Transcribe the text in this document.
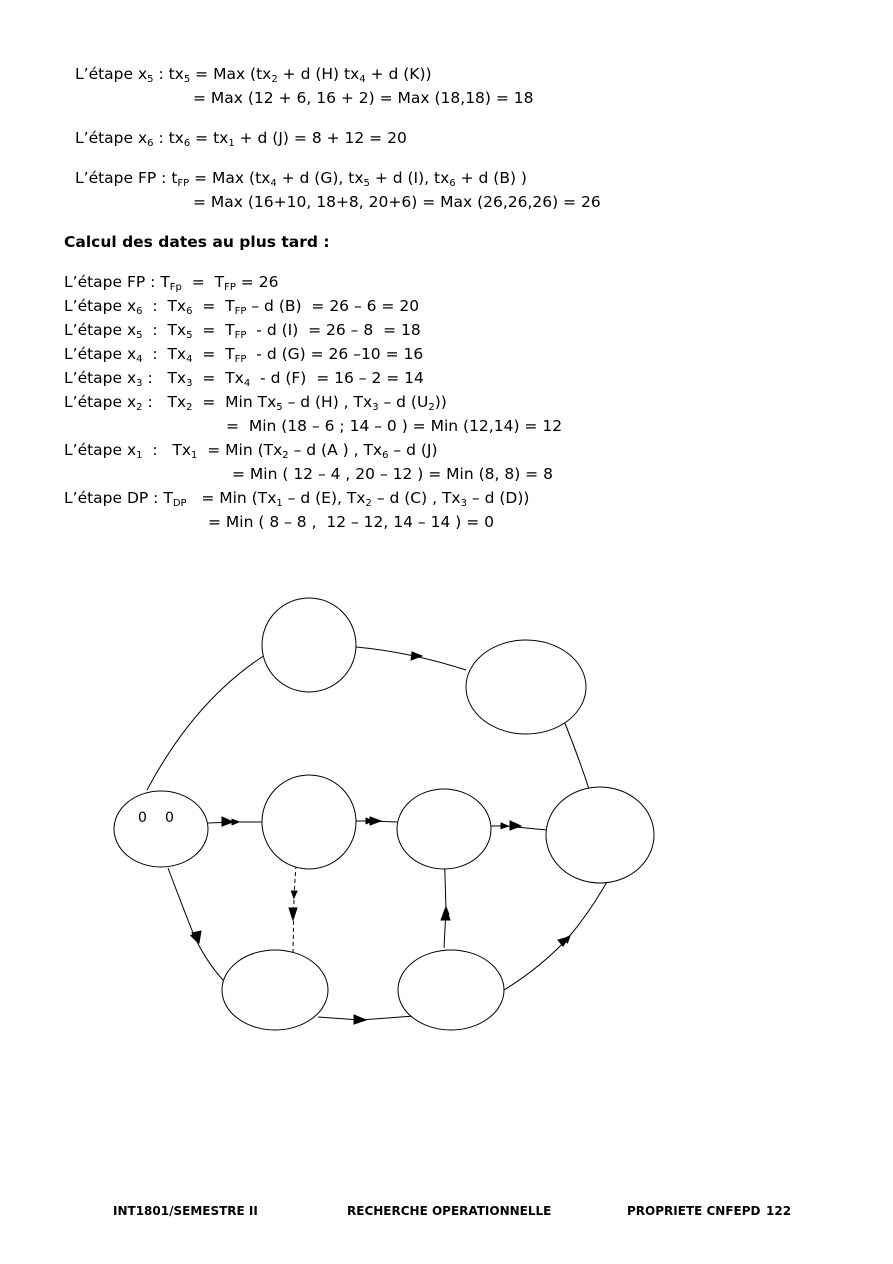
L’étape $x_5$ : $tx_5$ = Max ($tx_2 + d$ (H) $tx_4 + d$ (K))
= Max (12 + 6, 16 + 2) = Max (18,18) = 18
L’étape $x_6$ : $tx_6 = tx_1 + d$ (J) = 8 + 12 = 20
L’étape FP : $t_{FP}$ = Max ($tx_4 + d$ (G), $tx_5 + d$ (I), $tx_6 + d$ (B) )
= Max (16+10, 18+8, 20+6) = Max (26,26,26) = 26
Calcul des dates au plus tard :
L’étape FP : $T_{Fp} = T_{FP} = 26$
L’étape $x_6$  :  $Tx_6 = T_{FP} - d$ (B)  = 26 – 6 = 20
L’étape $x_5$  :  $Tx_5 = T_{FP} - d$ (I)  = 26 – 8  = 18
L’étape $x_4$  :  $Tx_4 = T_{FP} - d$ (G) = 26 –10 = 16
L’étape $x_3$ :   $Tx_3 = Tx_4 - d$ (F)  = 16 – 2 = 14
L’étape $x_2$ :   $Tx_2$  =  Min $Tx_5$ – d (H) , $Tx_3$ – d $(U_2)$)
=  Min (18 – 6 ; 14 – 0 ) = Min (12,14) = 12
L’étape $x_1$  :   $Tx_1$  = Min ($Tx_2$ – d (A ) , $Tx_6$ – d (J)
= Min ( 12 – 4 , 20 – 12 ) = Min (8, 8) = 8
L’étape DP : $T_{DP}$   = Min ($Tx_1$ – d (E), $Tx_2$ – d (C) , $Tx_3$ – d (D))
= Min ( 8 – 8 ,  12 – 12, 14 – 14 ) = 0
0 0
INT1801/SEMESTRE II	RECHERCHE OPERATIONNELLE	PROPRIETE CNFEPD 122
